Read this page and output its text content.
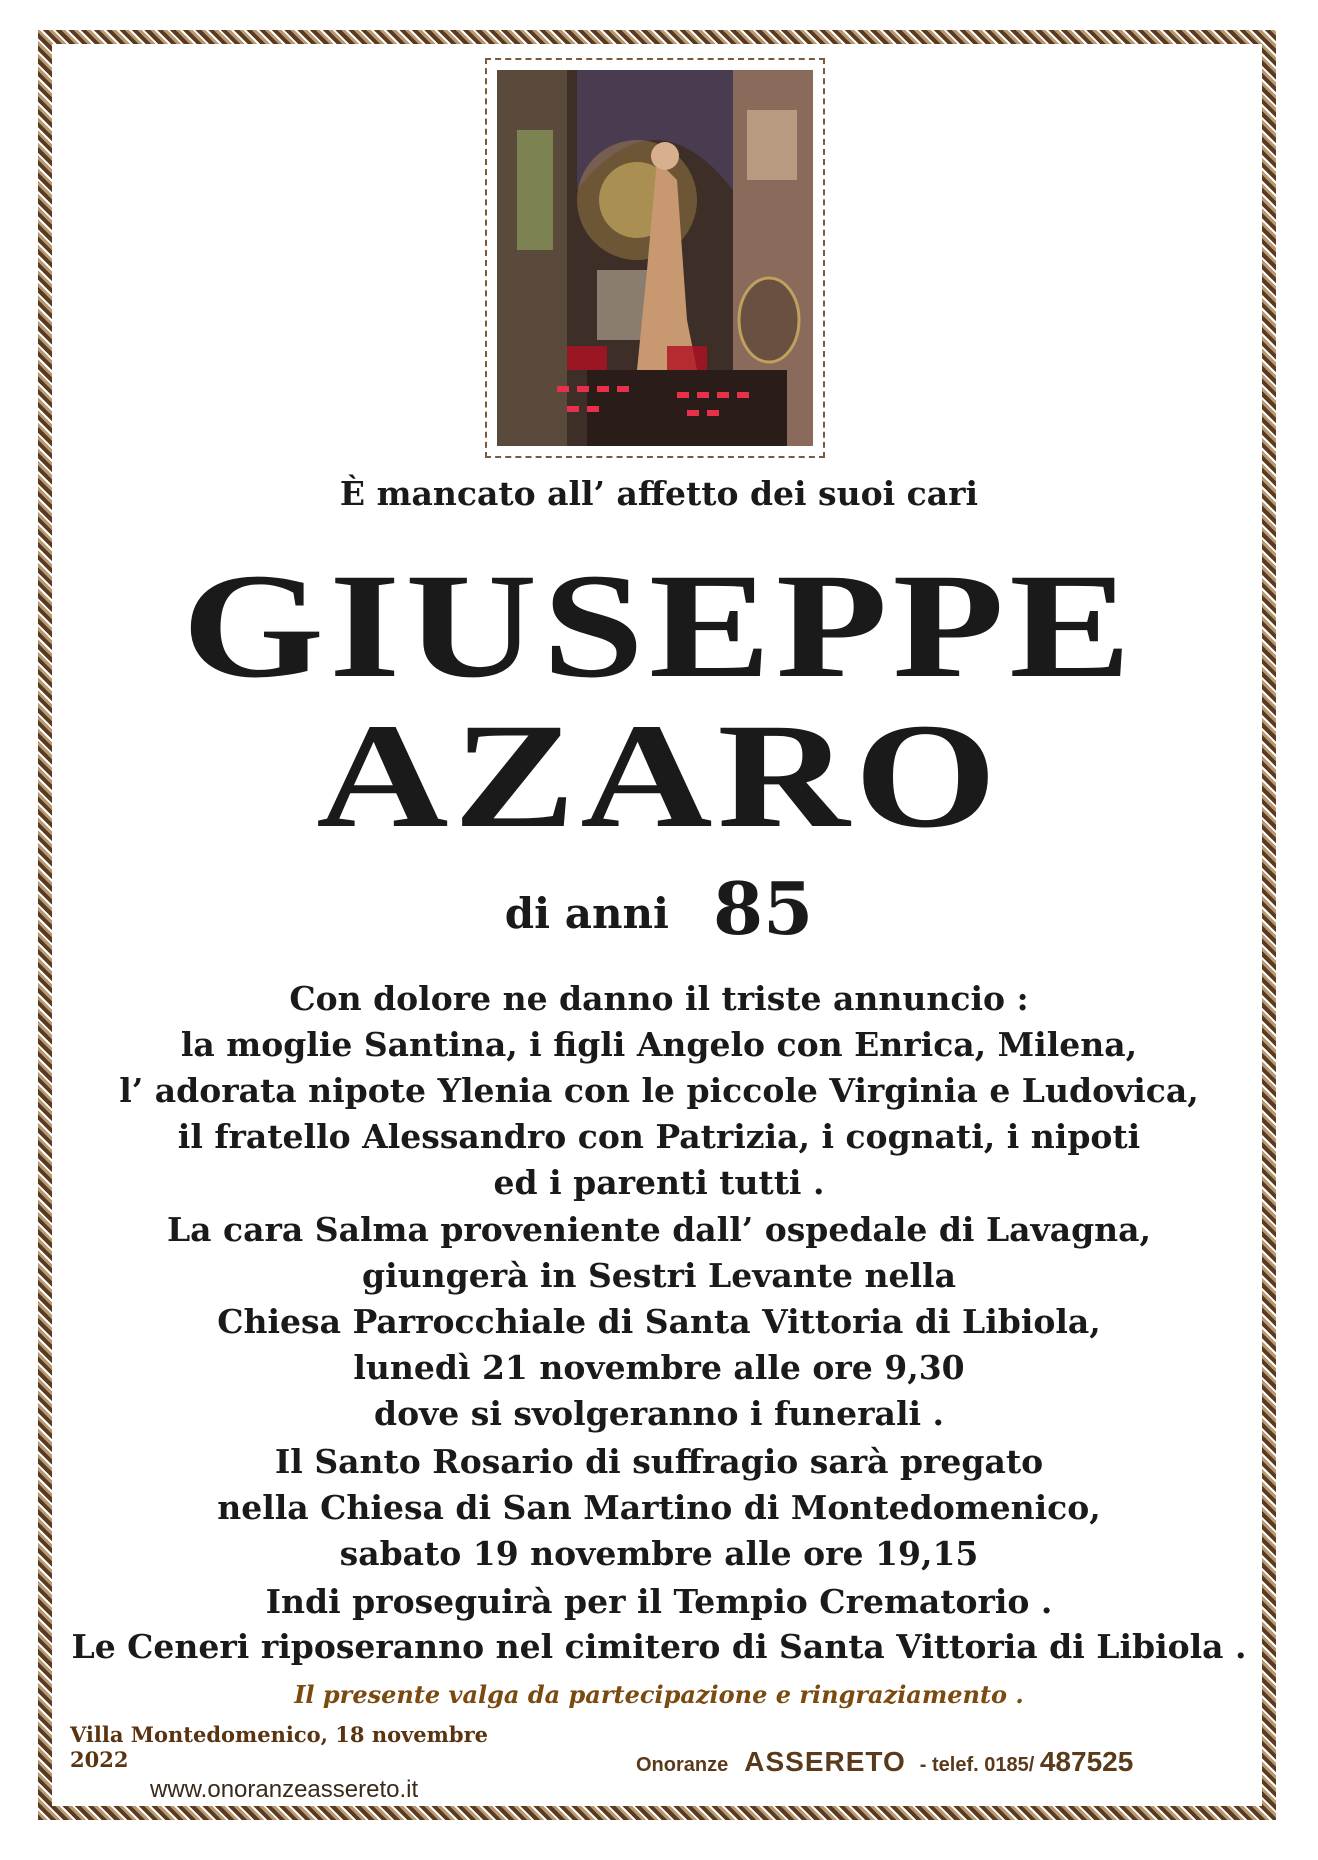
È mancato all’ affetto dei suoi cari
GIUSEPPE
AZARO
di anni 85
Con dolore ne danno il triste annuncio :
la moglie Santina, i figli Angelo con Enrica, Milena,
l’ adorata nipote Ylenia con le piccole Virginia e Ludovica,
il fratello Alessandro con Patrizia, i cognati, i nipoti
ed i parenti tutti .
La cara Salma proveniente dall’ ospedale di Lavagna,
giungerà in Sestri Levante nella
Chiesa Parrocchiale di Santa Vittoria di Libiola,
lunedì 21 novembre alle ore 9,30
dove si svolgeranno i funerali .
Il Santo Rosario di suffragio sarà pregato
nella Chiesa di San Martino di Montedomenico,
sabato 19 novembre alle ore 19,15
Indi proseguirà per il Tempio Crematorio .
Le Ceneri riposeranno nel cimitero di Santa Vittoria di Libiola .
Il presente valga da partecipazione e ringraziamento .
Villa Montedomenico, 18 novembre 2022
www.onoranzeassereto.it
Onoranze ASSERETO - telef. 0185/ 487525
